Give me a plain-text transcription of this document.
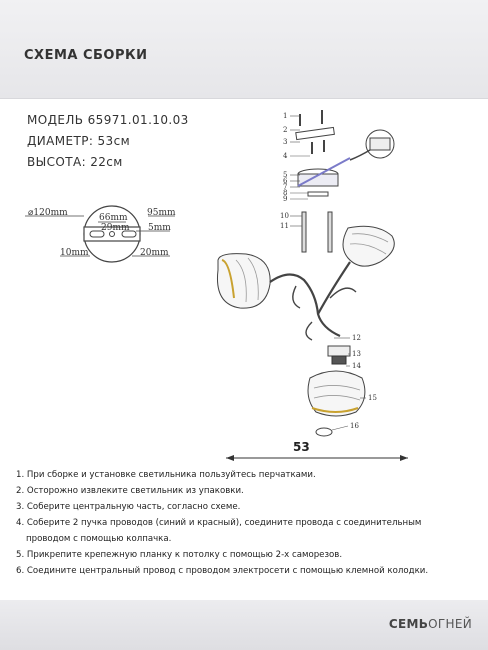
СХЕМА СБОРКИ
МОДЕЛЬ 65971.01.10.03
ДИАМЕТР: 53см
ВЫСОТА: 22см
⌀120mm	95mm
66mm
29mm 5mm
10mm	20mm
1
2
3
4
5
6
7
8
9
10
11
12
13
14
15
16
53
1. При сборке и установке светильника пользуйтесь перчатками.
2. Осторожно извлеките светильник из упаковки.
3. Соберите центральную часть, согласно схеме.
4. Соберите 2 пучка проводов (синий и красный), соедините провода с соединительным
проводом с помощью колпачка.
5. Прикрепите крепежную планку к потолку с помощью 2-х саморезов.
6. Соедините центральный провод с проводом электросети с помощью клемной колодки.
СЕМЬОГНЕЙ
